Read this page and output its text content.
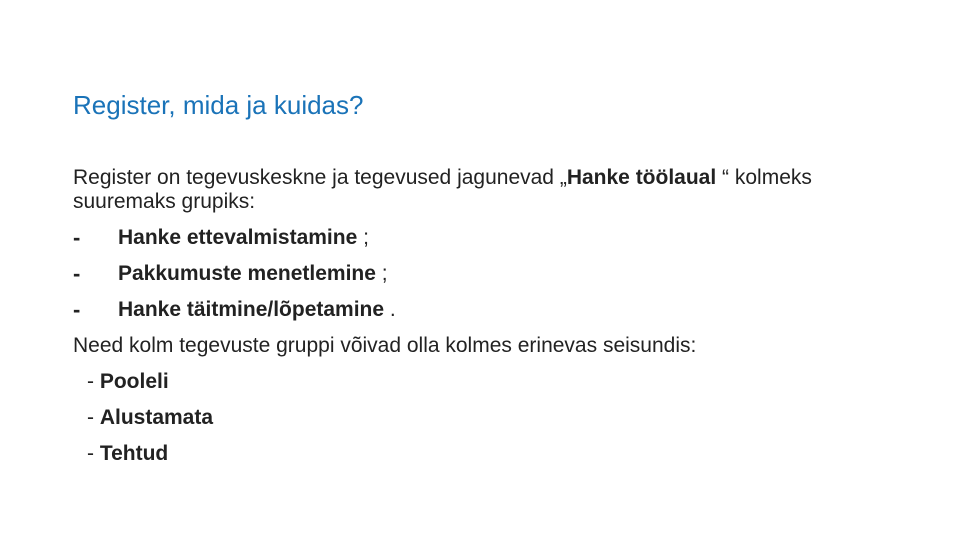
Register, mida ja kuidas?

Register on tegevuskeskne ja tegevused jagunevad „Hanke töölaual “ kolmeks suuremaks grupiks:

- Hanke ettevalmistamine ;
- Pakkumuste menetlemine ;
- Hanke täitmine/lõpetamine .

Need kolm tegevuste gruppi võivad olla kolmes erinevas seisundis:

- Pooleli
- Alustamata
- Tehtud
